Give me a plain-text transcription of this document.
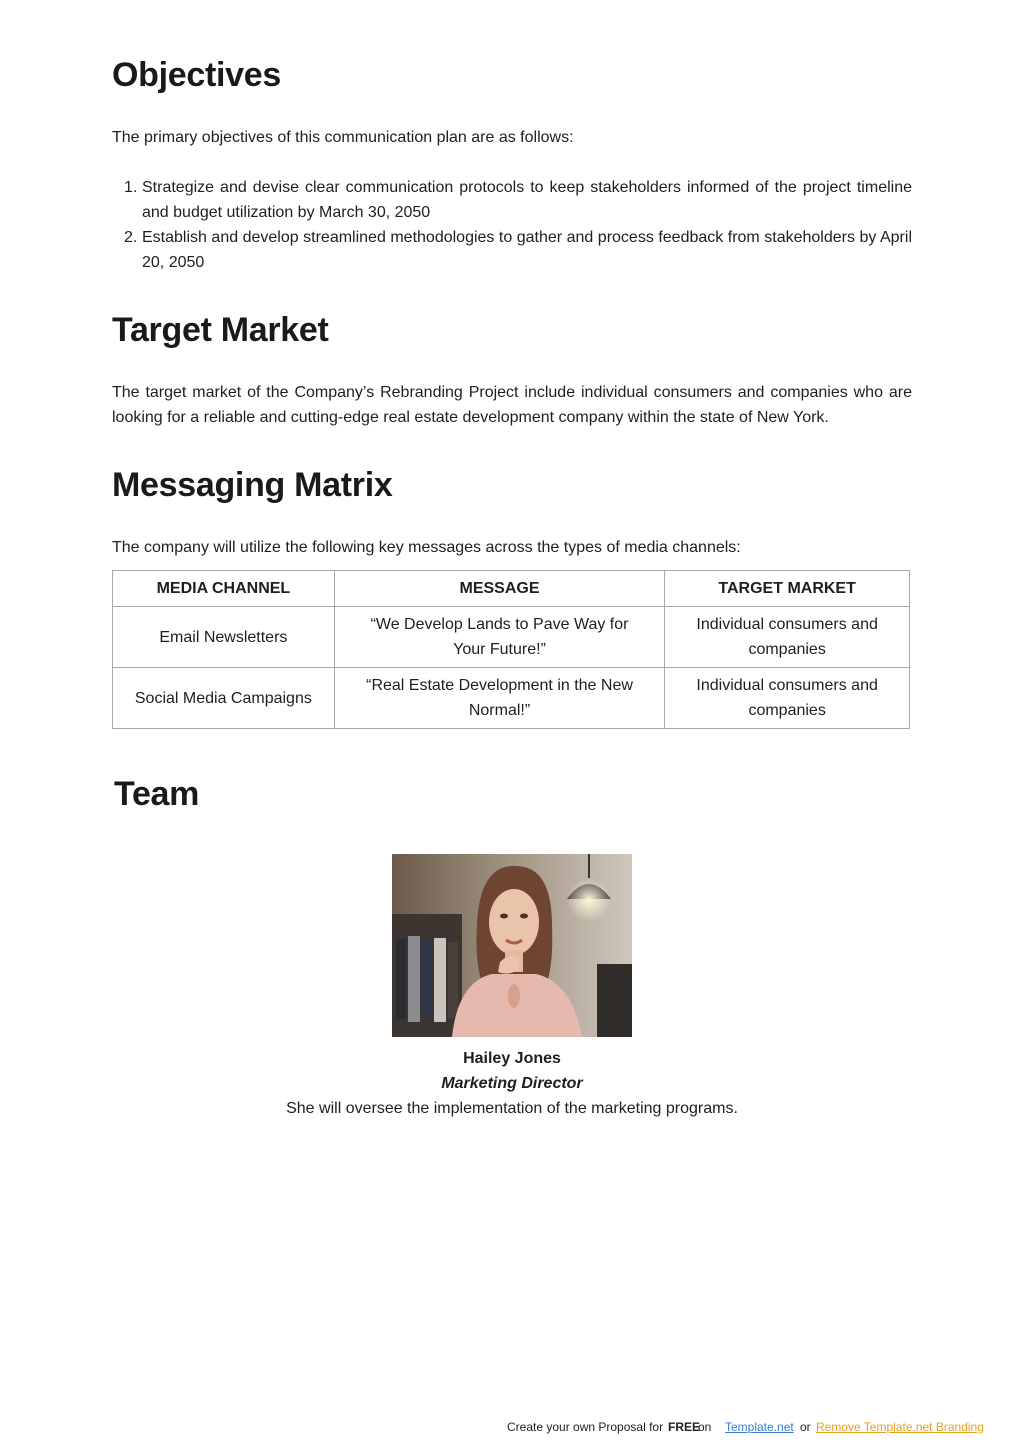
Objectives

The primary objectives of this communication plan are as follows:

1. Strategize and devise clear communication protocols to keep stakeholders informed of the project timeline and budget utilization by March 30, 2050
2. Establish and develop streamlined methodologies to gather and process feedback from stakeholders by April 20, 2050
Target Market

The target market of the Company’s Rebranding Project include individual consumers and companies who are looking for a reliable and cutting-edge real estate development company within the state of New York.

Messaging Matrix

The company will utilize the following key messages across the types of media channels:

MEDIA CHANNEL	MESSAGE	TARGET MARKET
Email Newsletters	“We Develop Lands to Pave Way for Your Future!”	Individual consumers and companies
Social Media Campaigns	“Real Estate Development in the New Normal!”	Individual consumers and companies
Team
Hailey Jones
Marketing Director
She will oversee the implementation of the marketing programs.
Create your own Proposal for FREE
on Template.net or Remove Template.net Branding
